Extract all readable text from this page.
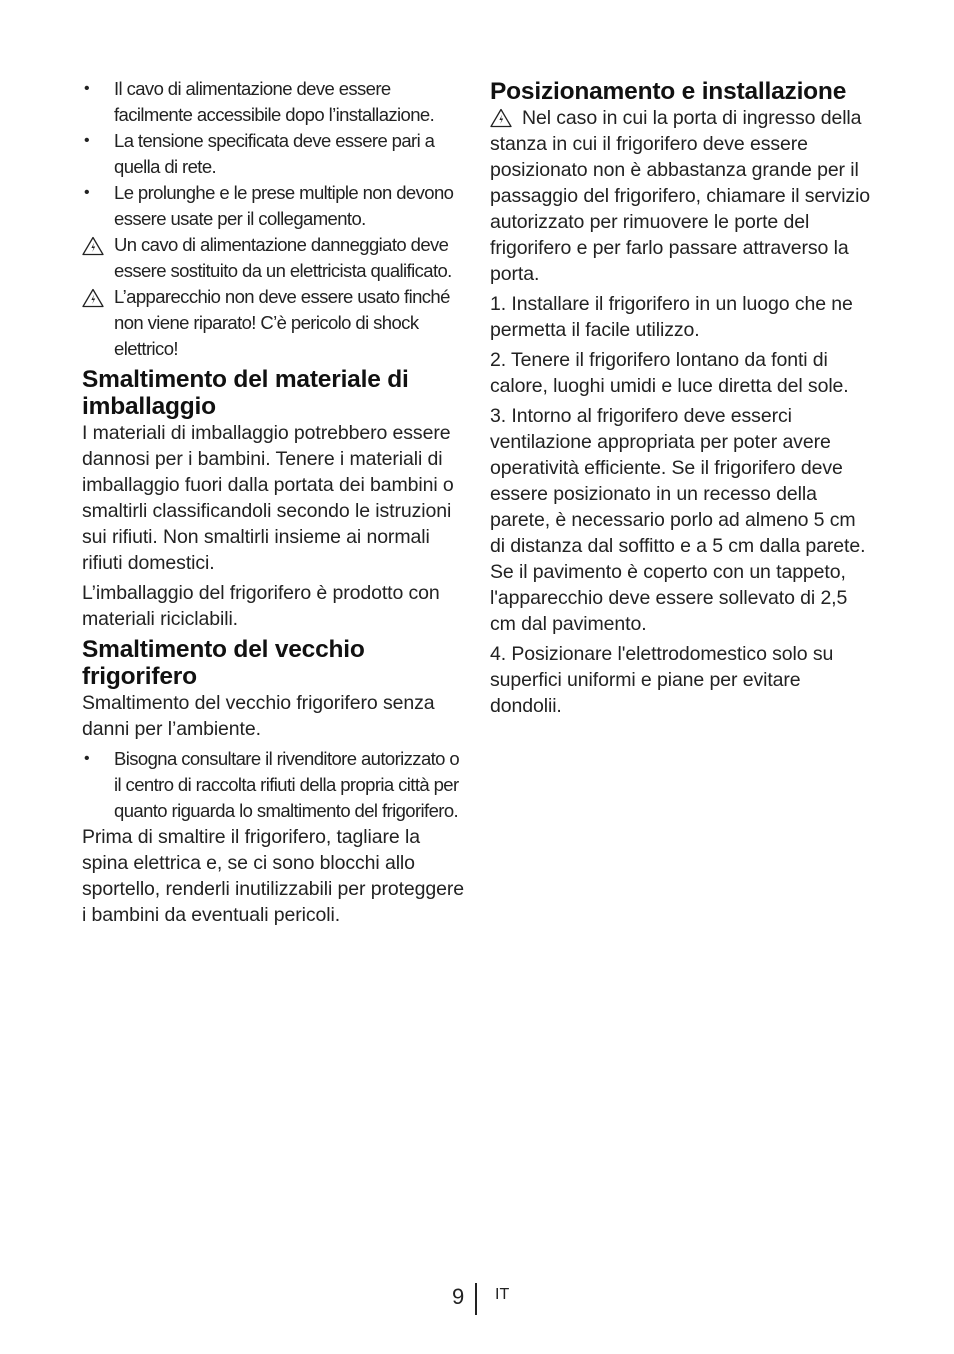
•	Il cavo di alimentazione deve essere facilmente accessibile dopo l’installazione.
•	La tensione specificata deve essere pari a quella di rete.
•	Le prolunghe e le prese multiple non devono essere usate per il collegamento.
Un cavo di alimentazione danneggiato deve essere sostituito da un elettricista qualificato.
L’apparecchio non deve essere usato finché non viene riparato! C’è pericolo di shock elettrico!
Smaltimento del materiale di imballaggio

I materiali di imballaggio potrebbero essere dannosi per i bambini. Tenere i materiali di imballaggio fuori dalla portata dei bambini o smaltirli classificandoli secondo le istruzioni sui rifiuti. Non smaltirli insieme ai normali rifiuti domestici.

L’imballaggio del frigorifero è prodotto con materiali riciclabili.

Smaltimento del vecchio frigorifero

Smaltimento del vecchio frigorifero senza danni per l’ambiente.

•	Bisogna consultare il rivenditore autorizzato o il centro di raccolta rifiuti della propria città per quanto riguarda lo smaltimento del frigorifero.

Prima di smaltire il frigorifero, tagliare la spina elettrica e, se ci sono blocchi allo sportello, renderli inutilizzabili per proteggere i bambini da eventuali pericoli.

Posizionamento e installazione

Nel caso in cui la porta di ingresso della stanza in cui il frigorifero deve essere posizionato non è abbastanza grande per il passaggio del frigorifero, chiamare il servizio autorizzato per rimuovere le porte del frigorifero e per farlo passare attraverso la porta.

1. Installare il frigorifero in un luogo che ne permetta il facile utilizzo.

2. Tenere il frigorifero lontano da fonti di calore, luoghi umidi e luce diretta del sole.

3. Intorno al frigorifero deve esserci ventilazione appropriata per poter avere operatività efficiente. Se il frigorifero deve essere posizionato in un recesso della parete, è necessario porlo ad almeno 5 cm di distanza dal soffitto e a 5 cm dalla parete. Se il pavimento è coperto con un tappeto, l'apparecchio deve essere sollevato di 2,5 cm dal pavimento.

4. Posizionare l'elettrodomestico solo su superfici uniformi e piane per evitare dondolii.

9 IT
